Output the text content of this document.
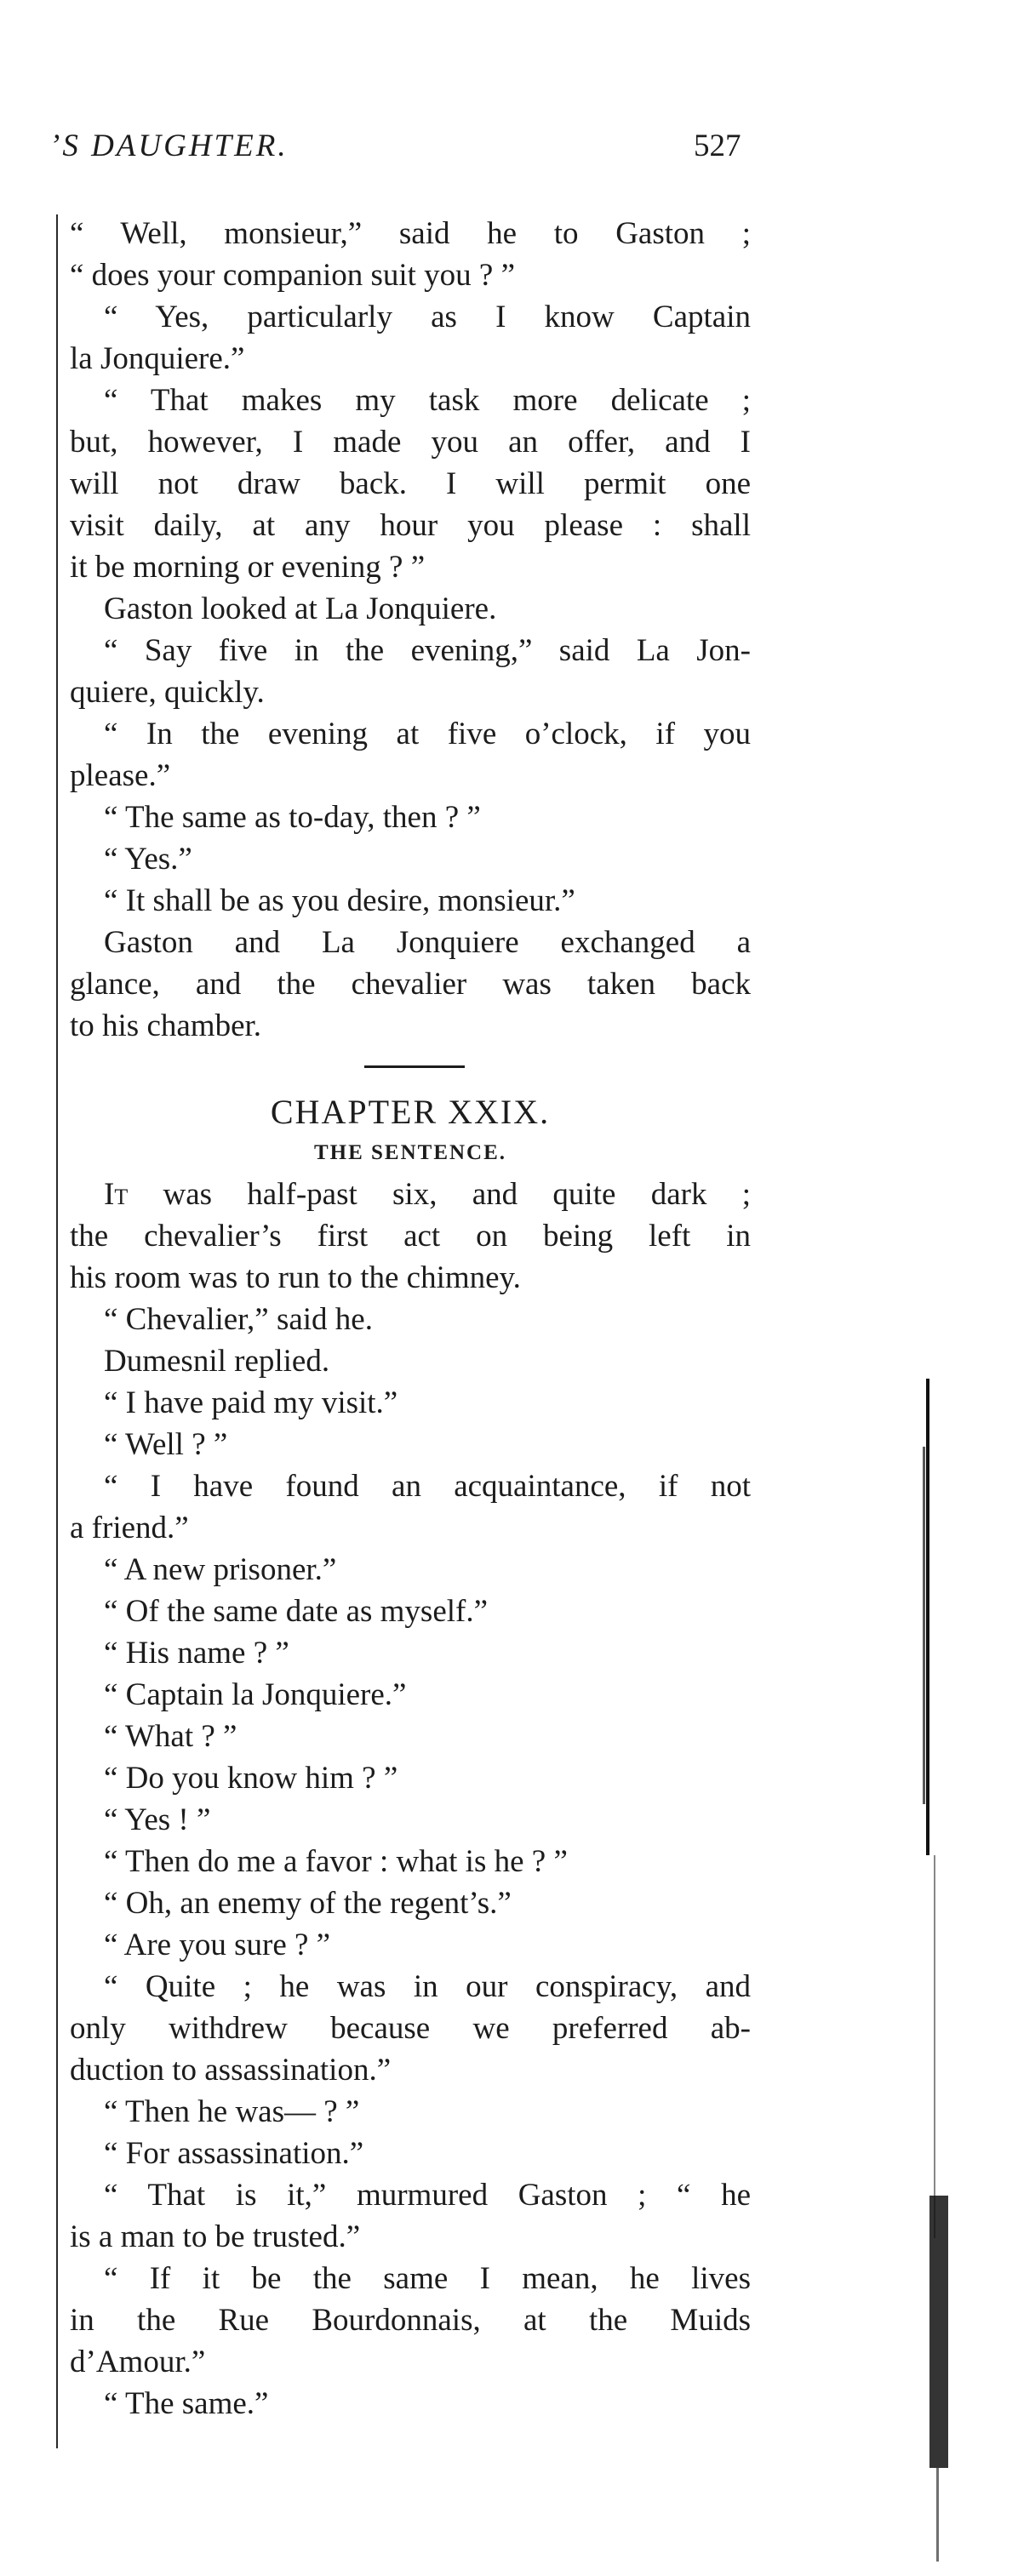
’S DAUGHTER.	527
“ Well, monsieur,” said he to Gaston ;
“ does your companion suit you ? ”
“ Yes, particularly as I know Captain
la Jonquiere.”
“ That makes my task more delicate ;
but, however, I made you an offer, and I
will not draw back. I will permit one
visit daily, at any hour you please : shall
it be morning or evening ? ”
Gaston looked at La Jonquiere.
“ Say five in the evening,” said La Jon-
quiere, quickly.
“ In the evening at five o’clock, if you
please.”
“ The same as to-day, then ? ”
“ Yes.”
“ It shall be as you desire, monsieur.”
Gaston and La Jonquiere exchanged a
glance, and the chevalier was taken back
to his chamber.
CHAPTER XXIX.
THE SENTENCE.
It was half-past six, and quite dark ;
the chevalier’s first act on being left in
his room was to run to the chimney.
“ Chevalier,” said he.
Dumesnil replied.
“ I have paid my visit.”
“ Well ? ”
“ I have found an acquaintance, if not
a friend.”
“ A new prisoner.”
“ Of the same date as myself.”
“ His name ? ”
“ Captain la Jonquiere.”
“ What ? ”
“ Do you know him ? ”
“ Yes ! ”
“ Then do me a favor : what is he ? ”
“ Oh, an enemy of the regent’s.”
“ Are you sure ? ”
“ Quite ; he was in our conspiracy, and
only withdrew because we preferred ab-
duction to assassination.”
“ Then he was— ? ”
“ For assassination.”
“ That is it,” murmured Gaston ; “ he
is a man to be trusted.”
“ If it be the same I mean, he lives
in the Rue Bourdonnais, at the Muids
d’Amour.”
“ The same.”
